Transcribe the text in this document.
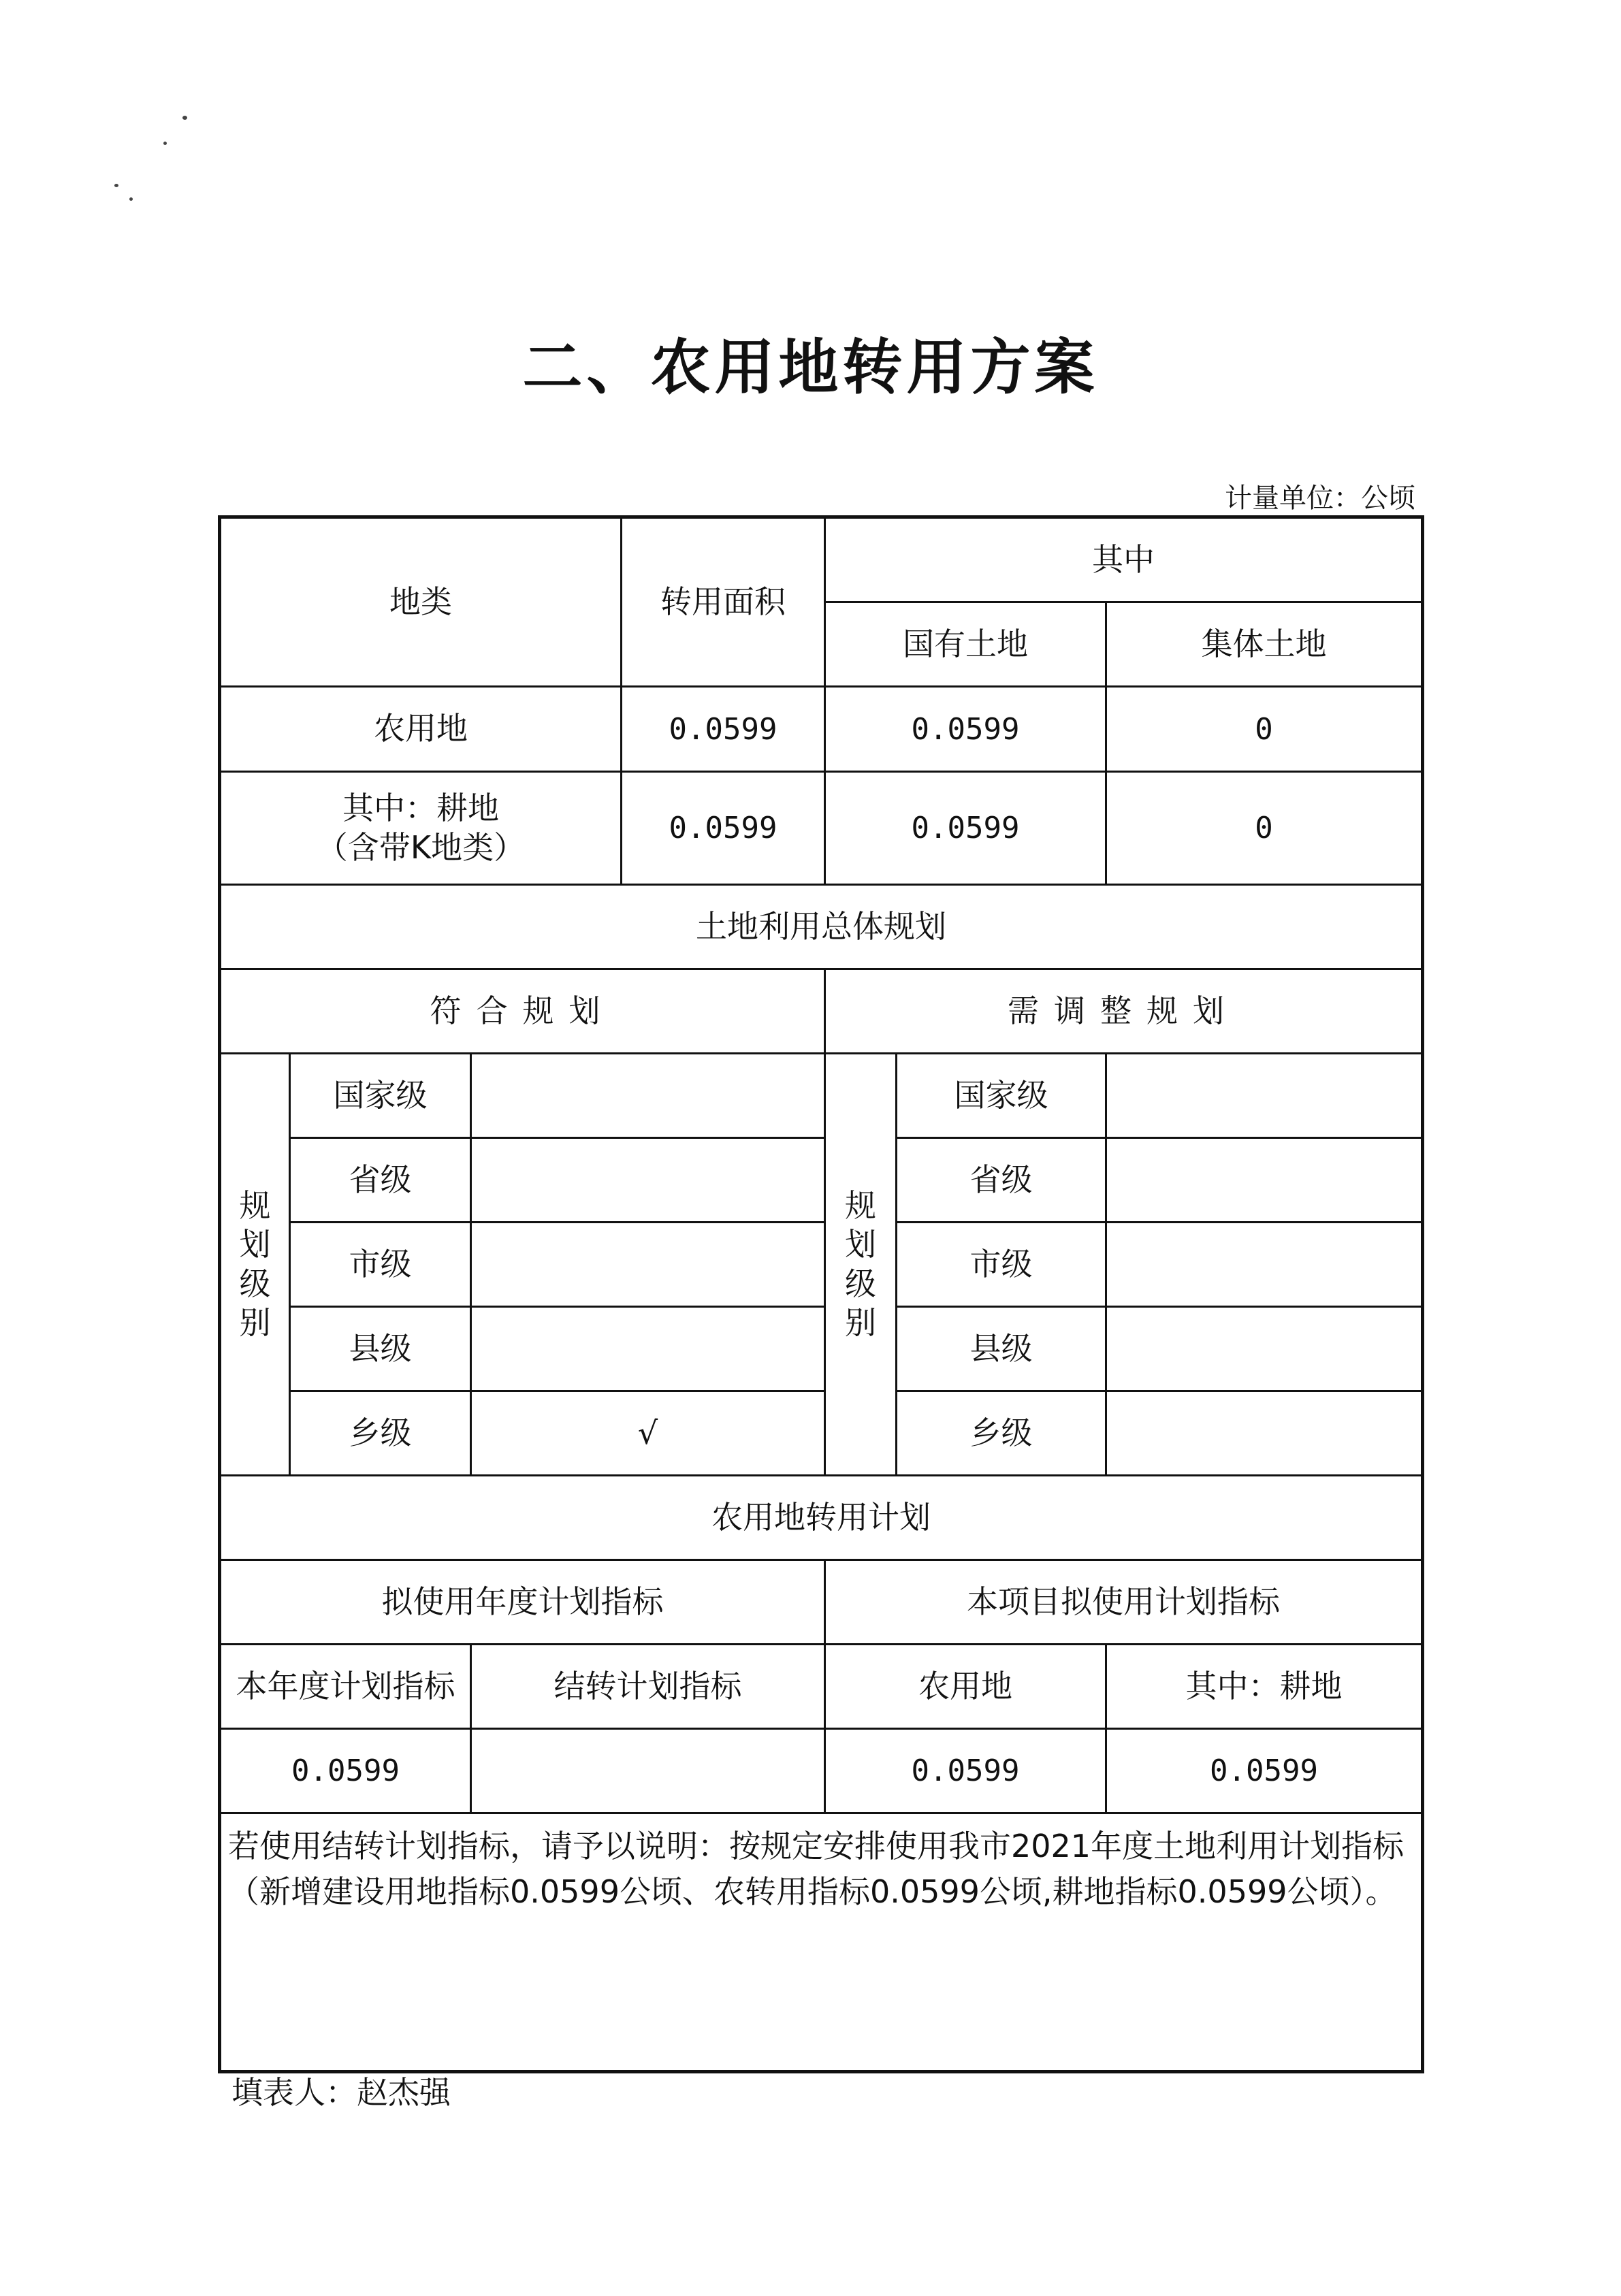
二、农用地转用方案
计量单位：公顷
地类			转用面积	其中		
				国有土地		集体土地

农用地			0.0599	0.0599		0

其中：耕地
（含带K地类）			0.0599	0.0599		0
土地利用总体规划						
符合规划				需调整规划		
规划级别	国家级			规划级别	国家级	
	省级				省级	
	市级				市级	
	县级				县级	
	乡级	√			乡级	
农用地转用计划						
拟使用年度计划指标				本项目拟使用计划指标		
本年度计划指标		结转计划指标		农用地		其中：耕地
0.0599				0.0599		0.0599
若使用结转计划指标，请予以说明：按规定安排使用我市2021年度土地利用计划指标（新增建设用地指标0.0599公顷、农转用指标0.0599公顷,耕地指标0.0599公顷）。						
填表人：赵杰强
